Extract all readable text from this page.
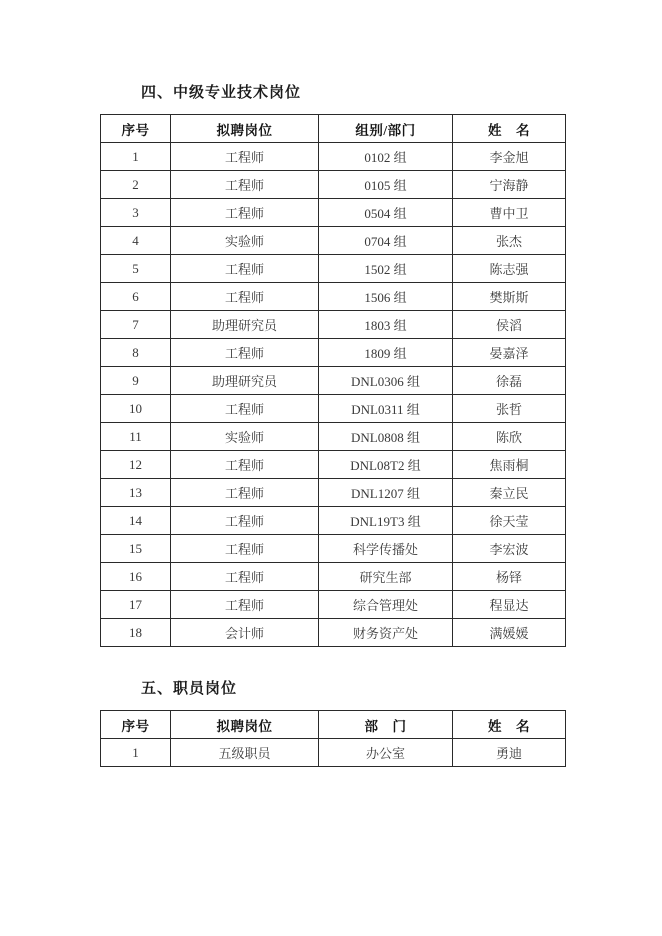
四、中级专业技术岗位
序号	拟聘岗位	组别/部门	姓　名
1	工程师	0102 组	李金旭
2	工程师	0105 组	宁海静
3	工程师	0504 组	曹中卫
4	实验师	0704 组	张杰
5	工程师	1502 组	陈志强
6	工程师	1506 组	樊斯斯
7	助理研究员	1803 组	侯滔
8	工程师	1809 组	晏嘉泽
9	助理研究员	DNL0306 组	徐磊
10	工程师	DNL0311 组	张哲
11	实验师	DNL0808 组	陈欣
12	工程师	DNL08T2 组	焦雨桐
13	工程师	DNL1207 组	秦立民
14	工程师	DNL19T3 组	徐天莹
15	工程师	科学传播处	李宏波
16	工程师	研究生部	杨铎
17	工程师	综合管理处	程显达
18	会计师	财务资产处	满媛媛
五、职员岗位
序号	拟聘岗位	部　门	姓　名
1	五级职员	办公室	勇迪
